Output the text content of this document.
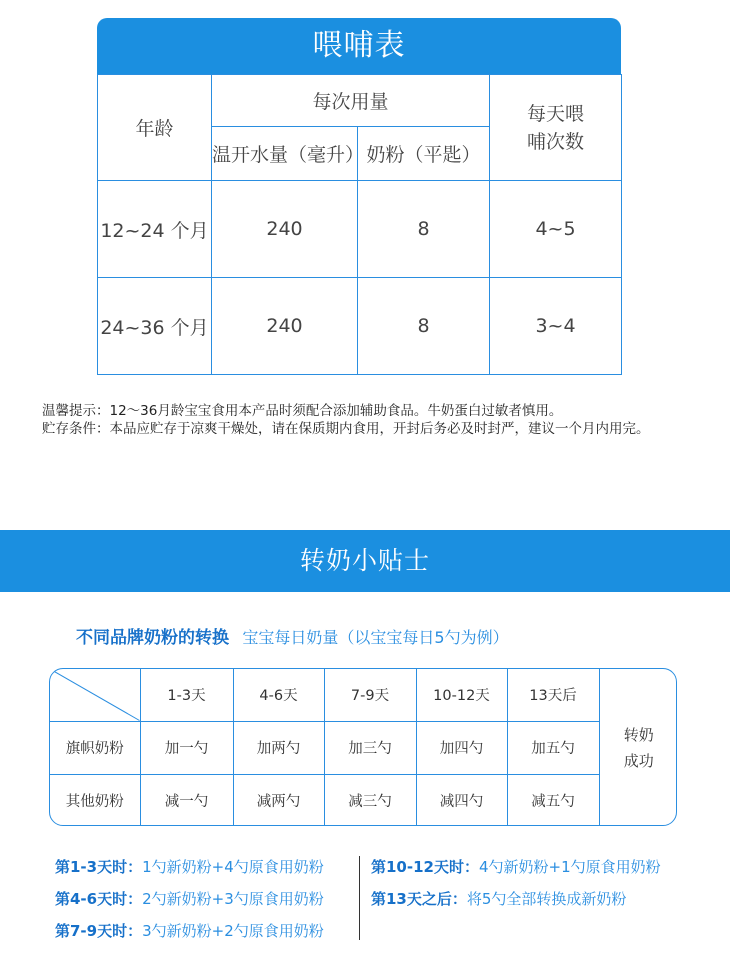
喂哺表
年龄	每次用量		每天喂
哺次数
	温开水量（毫升）	奶粉（平匙）	
12~24 个月	240	8	4~5
24~36 个月	240	8	3~4
温馨提示：12～36月龄宝宝食用本产品时须配合添加辅助食品。牛奶蛋白过敏者慎用。
贮存条件：本品应贮存于凉爽干燥处，请在保质期内食用，开封后务必及时封严，建议一个月内用完。
转奶小贴士
不同品牌奶粉的转换 宝宝每日奶量（以宝宝每日5勺为例）
	1-3天	4-6天	7-9天	10-12天	13天后	转奶
成功
旗帜奶粉	加一勺	加两勺	加三勺	加四勺	加五勺	
其他奶粉	减一勺	减两勺	减三勺	减四勺	减五勺	
第1-3天时：1勺新奶粉+4勺原食用奶粉
第4-6天时：2勺新奶粉+3勺原食用奶粉
第7-9天时：3勺新奶粉+2勺原食用奶粉
第10-12天时：4勺新奶粉+1勺原食用奶粉
第13天之后：将5勺全部转换成新奶粉
